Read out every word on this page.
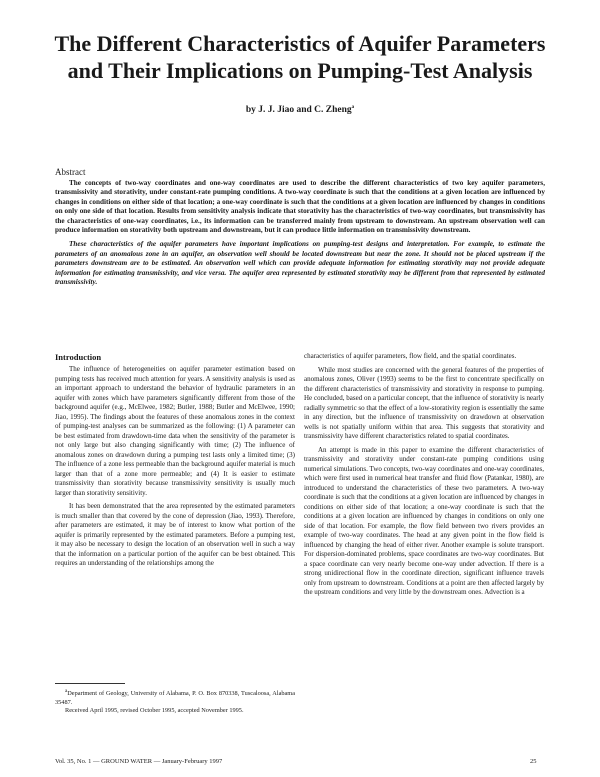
The Different Characteristics of Aquifer Parameters
and Their Implications on Pumping-Test Analysis
by J. J. Jiao and C. Zheng$^a$
Abstract

The concepts of two-way coordinates and one-way coordinates are used to describe the different characteristics of two key aquifer parameters, transmissivity and storativity, under constant-rate pumping conditions. A two-way coordinate is such that the conditions at a given location are influenced by changes in conditions on either side of that location; a one-way coordinate is such that the conditions at a given location are influenced by changes in conditions on only one side of that location. Results from sensitivity analysis indicate that storativity has the characteristics of two-way coordinates, but transmissivity has the characteristics of one-way coordinates, i.e., its information can be transferred mainly from upstream to downstream. An upstream observation well can produce information on storativity both upstream and downstream, but it can produce little information on transmissivity downstream.

These characteristics of the aquifer parameters have important implications on pumping-test designs and interpretation. For example, to estimate the parameters of an anomalous zone in an aquifer, an observation well should be located downstream but near the zone. It should not be placed upstream if the parameters downstream are to be estimated. An observation well which can provide adequate information for estimating storativity may not provide adequate information for estimating transmissivity, and vice versa. The aquifer area represented by estimated storativity may be different from that represented by estimated transmissivity.

Introduction

The influence of heterogeneities on aquifer parameter estimation based on pumping tests has received much attention for years. A sensitivity analysis is used as an important approach to understand the behavior of hydraulic parameters in an aquifer with zones which have parameters significantly different from those of the background aquifer (e.g., McElwee, 1982; Butler, 1988; Butler and McElwee, 1990; Jiao, 1995). The findings about the features of these anomalous zones in the context of pumping-test analyses can be summarized as the following: (1) A parameter can be best estimated from drawdown-time data when the sensitivity of the parameter is not only large but also changing significantly with time; (2) The influence of anomalous zones on drawdown during a pumping test lasts only a limited time; (3) The influence of a zone less permeable than the background aquifer material is much larger than that of a zone more permeable; and (4) It is easier to estimate transmissivity than storativity because transmissivity sensitivity is usually much larger than storativity sensitivity.

It has been demonstrated that the area represented by the estimated parameters is much smaller than that covered by the cone of depression (Jiao, 1993). Therefore, after parameters are estimated, it may be of interest to know what portion of the aquifer is primarily represented by the estimated parameters. Before a pumping test, it may also be necessary to design the location of an observation well in such a way that the information on a particular portion of the aquifer can be best obtained. This requires an understanding of the relationships among the

characteristics of aquifer parameters, flow field, and the spatial coordinates.

While most studies are concerned with the general features of the properties of anomalous zones, Oliver (1993) seems to be the first to concentrate specifically on the different characteristics of transmissivity and storativity in response to pumping. He concluded, based on a particular concept, that the influence of storativity is nearly radially symmetric so that the effect of a low-storativity region is essentially the same in any direction, but the influence of transmissivity on drawdown at observation wells is not spatially uniform within that area. This suggests that storativity and transmissivity have different characteristics related to spatial coordinates.

An attempt is made in this paper to examine the different characteristics of transmissivity and storativity under constant-rate pumping conditions using numerical simulations. Two concepts, two-way coordinates and one-way coordinates, which were first used in numerical heat transfer and fluid flow (Patankar, 1980), are introduced to understand the characteristics of these two parameters. A two-way coordinate is such that the conditions at a given location are influenced by changes in conditions on either side of that location; a one-way coordinate is such that the conditions at a given location are influenced by changes in conditions on only one side of that location. For example, the flow field between two rivers provides an example of two-way coordinates. The head at any given point in the flow field is influenced by changing the head of either river. Another example is solute transport. For dispersion-dominated problems, space coordinates are two-way coordinates. But a space coordinate can very nearly become one-way under advection. If there is a strong unidirectional flow in the coordinate direction, significant influence travels only from upstream to downstream. Conditions at a point are then affected largely by the upstream conditions and very little by the downstream ones. Advection is a

$^a$Department of Geology, University of Alabama, P. O. Box 870338, Tuscaloosa, Alabama 35487.

Received April 1995, revised October 1995, accepted November 1995.

Vol. 35, No. 1 — GROUND WATER — January-February 1997	25
